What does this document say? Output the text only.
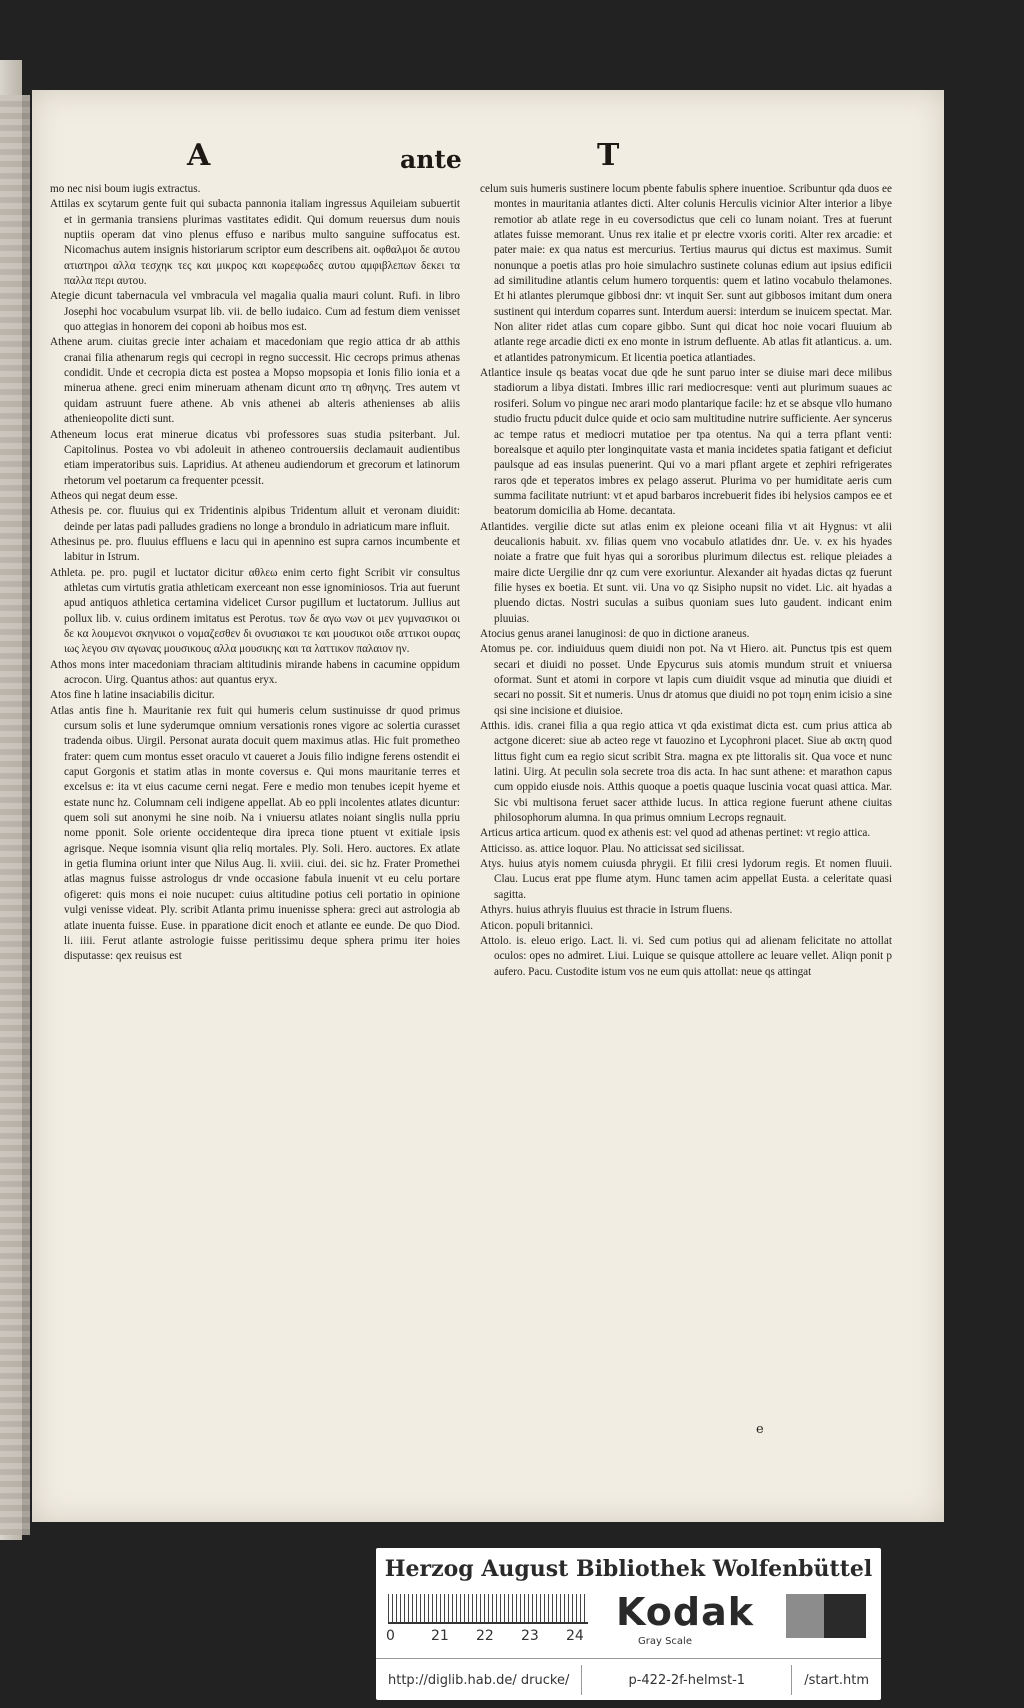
A	ante	T

mo nec nisi boum iugis extractus.

Attilas ex scytarum gente fuit qui subacta pannonia italiam ingressus Aquileiam subuertit et in germania transiens plurimas vastitates edidit. Qui domum reuersus dum nouis nuptiis operam dat vino plenus effuso e naribus multo sanguine suffocatus est. Nicomachus autem insignis historiarum scriptor eum describens ait. οφθαλμοι δε αυτου ατιατηροι αλλα τεσχηκ τες και μικρος και κωρεφωδες αυτου αμφιβλεπων δεκει τα παλλα περι αυτου.

Ategie dicunt tabernacula vel vmbracula vel magalia qualia mauri colunt. Rufi. in libro Josephi hoc vocabulum vsurpat lib. vii. de bello iudaico. Cum ad festum diem venisset quo attegias in honorem dei coponi ab hoibus mos est.

Athene arum. ciuitas grecie inter achaiam et macedoniam que regio attica dr ab atthis cranai filia athenarum regis qui cecropi in regno successit. Hic cecrops primus athenas condidit. Unde et cecropia dicta est postea a Mopso mopsopia et Ionis filio ionia et a minerua athene. greci enim mineruam athenam dicunt απο τη αθηνης. Tres autem vt quidam astruunt fuere athene. Ab vnis athenei ab alteris athenienses ab aliis athenieopolite dicti sunt.

Atheneum locus erat minerue dicatus vbi professores suas studia psiterbant. Jul. Capitolinus. Postea vo vbi adoleuit in atheneo controuersiis declamauit audientibus etiam imperatoribus suis. Lapridius. At atheneu audiendorum et grecorum et latinorum rhetorum vel poetarum ca frequenter pcessit.

Atheos qui negat deum esse.

Athesis pe. cor. fluuius qui ex Tridentinis alpibus Tridentum alluit et veronam diuidit: deinde per latas padi palludes gradiens no longe a brondulo in adriaticum mare influit.

Athesinus pe. pro. fluuius effluens e lacu qui in apennino est supra carnos incumbente et labitur in Istrum.

Athleta. pe. pro. pugil et luctator dicitur αθλεω enim certo fight Scribit vir consultus athletas cum virtutis gratia athleticam exerceant non esse ignominiosos. Tria aut fuerunt apud antiquos athletica certamina videlicet Cursor pugillum et luctatorum. Jullius aut pollux lib. v. cuius ordinem imitatus est Perotus. των δε αγω νων οι μεν γυμνασικοι οι δε κα λουμενοι σκηνικοι ο νομαζεσθεν δι ονυσιακοι τε και μουσικοι οιδε αττικοι ουρας ιως λεγου σιν αγωνας μουσικους αλλα μουσικης και τα λαττικον παλαιον ην.

Athos mons inter macedoniam thraciam altitudinis mirande habens in cacumine oppidum acrocon. Uirg. Quantus athos: aut quantus eryx.

Atos fine h latine insaciabilis dicitur.

Atlas antis fine h. Mauritanie rex fuit qui humeris celum sustinuisse dr quod primus cursum solis et lune syderumque omnium versationis rones vigore ac solertia curasset tradenda oibus. Uirgil. Personat aurata docuit quem maximus atlas. Hic fuit prometheo frater: quem cum montus esset oraculo vt caueret a Jouis filio indigne ferens ostendit ei caput Gorgonis et statim atlas in monte coversus e. Qui mons mauritanie terres et excelsus e: ita vt eius cacume cerni negat. Fere e medio mon tenubes icepit hyeme et estate nunc hz. Columnam celi indigene appellat. Ab eo ppli incolentes atlates dicuntur: quem soli sut anonymi he sine noib. Na i vniuersu atlates noiant singlis nulla ppriu nome pponit. Sole oriente occidenteque dira ipreca tione ptuent vt exitiale ipsis agrisque. Neque isomnia visunt qlia reliq mortales. Ply. Soli. Hero. auctores. Ex atlate in getia flumina oriunt inter que Nilus Aug. li. xviii. ciui. dei. sic hz. Frater Promethei atlas magnus fuisse astrologus dr vnde occasione fabula inuenit vt eu celu portare ofigeret: quis mons ei noie nucupet: cuius altitudine potius celi portatio in opinione vulgi venisse videat. Ply. scribit Atlanta primu inuenisse sphera: greci aut astrologia ab atlate inuenta fuisse. Euse. in pparatione dicit enoch et atlante ee eunde. De quo Diod. li. iiii. Ferut atlante astrologie fuisse peritissimu deque sphera primu iter hoies disputasse: qex reuisus est

celum suis humeris sustinere locum pbente fabulis sphere inuentioe. Scribuntur qda duos ee montes in mauritania atlantes dicti. Alter colunis Herculis vicinior Alter interior a libye remotior ab atlate rege in eu coversodictus que celi co lunam noiant. Tres at fuerunt atlates fuisse memorant. Unus rex italie et pr electre vxoris coriti. Alter rex arcadie: et pater maie: ex qua natus est mercurius. Tertius maurus qui dictus est maximus. Sumit nonunque a poetis atlas pro hoie simulachro sustinete colunas edium aut ipsius edificii ad similitudine atlantis celum humero torquentis: quem et latino vocabulo thelamones. Et hi atlantes plerumque gibbosi dnr: vt inquit Ser. sunt aut gibbosos imitant dum onera sustinent qui interdum coparres sunt. Interdum auersi: interdum se inuicem spectat. Mar. Non aliter ridet atlas cum copare gibbo. Sunt qui dicat hoc noie vocari fluuium ab atlante rege arcadie dicti ex eno monte in istrum defluente. Ab atlas fit atlanticus. a. um. et atlantides patronymicum. Et licentia poetica atlantiades.

Atlantice insule qs beatas vocat due qde he sunt paruo inter se diuise mari dece milibus stadiorum a libya distati. Imbres illic rari mediocresque: venti aut plurimum suaues ac rosiferi. Solum vo pingue nec arari modo plantarique facile: hz et se absque vllo humano studio fructu pducit dulce quide et ocio sam multitudine nutrire sufficiente. Aer syncerus ac tempe ratus et mediocri mutatioe per tpa otentus. Na qui a terra pflant venti: borealsque et aquilo pter longinquitate vasta et mania incidetes spatia fatigant et deficiut paulsque ad eas insulas puenerint. Qui vo a mari pflant argete et zephiri refrigerates raros qde et teperatos imbres ex pelago asserut. Plurima vo per humiditate aeris cum summa facilitate nutriunt: vt et apud barbaros increbuerit fides ibi helysios campos ee et beatorum domicilia ab Home. decantata.

Atlantides. vergilie dicte sut atlas enim ex pleione oceani filia vt ait Hygnus: vt alii deucalionis habuit. xv. filias quem vno vocabulo atlatides dnr. Ue. v. ex his hyades noiate a fratre que fuit hyas qui a sororibus plurimum dilectus est. relique pleiades a maire dicte Uergilie dnr qz cum vere exoriuntur. Alexander ait hyadas dictas qz fuerunt filie hyses ex boetia. Et sunt. vii. Una vo qz Sisipho nupsit no videt. Lic. ait hyadas a pluendo dictas. Nostri suculas a suibus quoniam sues luto gaudent. indicant enim pluuias.

Atocius genus aranei lanuginosi: de quo in dictione araneus.

Atomus pe. cor. indiuiduus quem diuidi non pot. Na vt Hiero. ait. Punctus tpis est quem secari et diuidi no posset. Unde Epycurus suis atomis mundum struit et vniuersa oformat. Sunt et atomi in corpore vt lapis cum diuidit vsque ad minutia que diuidi et secari no possit. Sit et numeris. Unus dr atomus que diuidi no pot τομη enim icisio a sine qsi sine incisione et diuisioe.

Atthis. idis. cranei filia a qua regio attica vt qda existimat dicta est. cum prius attica ab actgone diceret: siue ab acteo rege vt fauozino et Lycophroni placet. Siue ab ακτη quod littus fight cum ea regio sicut scribit Stra. magna ex pte littoralis sit. Qua voce et nunc latini. Uirg. At peculin sola secrete troa dis acta. In hac sunt athene: et marathon capus cum oppido eiusde nois. Atthis quoque a poetis quaque luscinia vocat quasi attica. Mar. Sic vbi multisona feruet sacer atthide lucus. In attica regione fuerunt athene ciuitas philosophorum alumna. In qua primus omnium Lecrops regnauit.

Articus artica articum. quod ex athenis est: vel quod ad athenas pertinet: vt regio attica.

Atticisso. as. attice loquor. Plau. No atticissat sed sicilissat.

Atys. huius atyis nomem cuiusda phrygii. Et filii cresi lydorum regis. Et nomen fluuii. Clau. Lucus erat ppe flume atym. Hunc tamen acim appellat Eusta. a celeritate quasi sagitta.

Athyrs. huius athryis fluuius est thracie in Istrum fluens.

Aticon. populi britannici.

Attolo. is. eleuo erigo. Lact. li. vi. Sed cum potius qui ad alienam felicitate no attollat oculos: opes no admiret. Liui. Luique se quisque attollere ac leuare vellet. Aliqn ponit p aufero. Pacu. Custodite istum vos ne eum quis attollat: neue qs attingat

e
Herzog August Bibliothek Wolfenbüttel
0	21	22	23	24
Kodak
Gray Scale
http://diglib.hab.de/ drucke/	p-422-2f-helmst-1	/start.htm
